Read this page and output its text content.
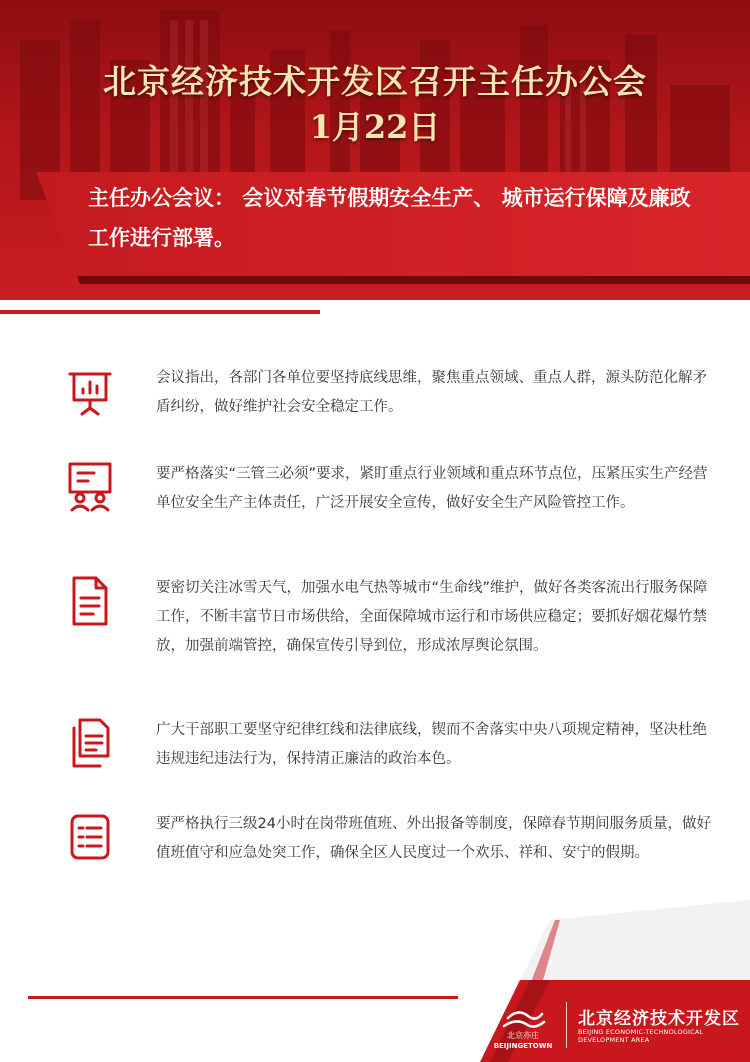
北京经济技术开发区召开主任办公会
1月22日
主任办公会议： 会议对春节假期安全生产、 城市运行保障及廉政工作进行部署。
会议指出，各部门各单位要坚持底线思维，聚焦重点领域、重点人群，源头防范化解矛盾纠纷，做好维护社会安全稳定工作。
要严格落实“三管三必须”要求，紧盯重点行业领域和重点环节点位，压紧压实生产经营单位安全生产主体责任，广泛开展安全宣传，做好安全生产风险管控工作。
要密切关注冰雪天气，加强水电气热等城市“生命线”维护，做好各类客流出行服务保障工作，不断丰富节日市场供给，全面保障城市运行和市场供应稳定；要抓好烟花爆竹禁放，加强前端管控，确保宣传引导到位，形成浓厚舆论氛围。
广大干部职工要坚守纪律红线和法律底线，锲而不舍落实中央八项规定精神，坚决杜绝违规违纪违法行为，保持清正廉洁的政治本色。
要严格执行三级24小时在岗带班值班、外出报备等制度，保障春节期间服务质量，做好值班值守和应急处突工作，确保全区人民度过一个欢乐、祥和、安宁的假期。
北京亦庄
BEIJINGETOWN
北京经济技术开发区
BEIJING ECONOMIC-TECHNOLOGICAL DEVELOPMENT AREA
